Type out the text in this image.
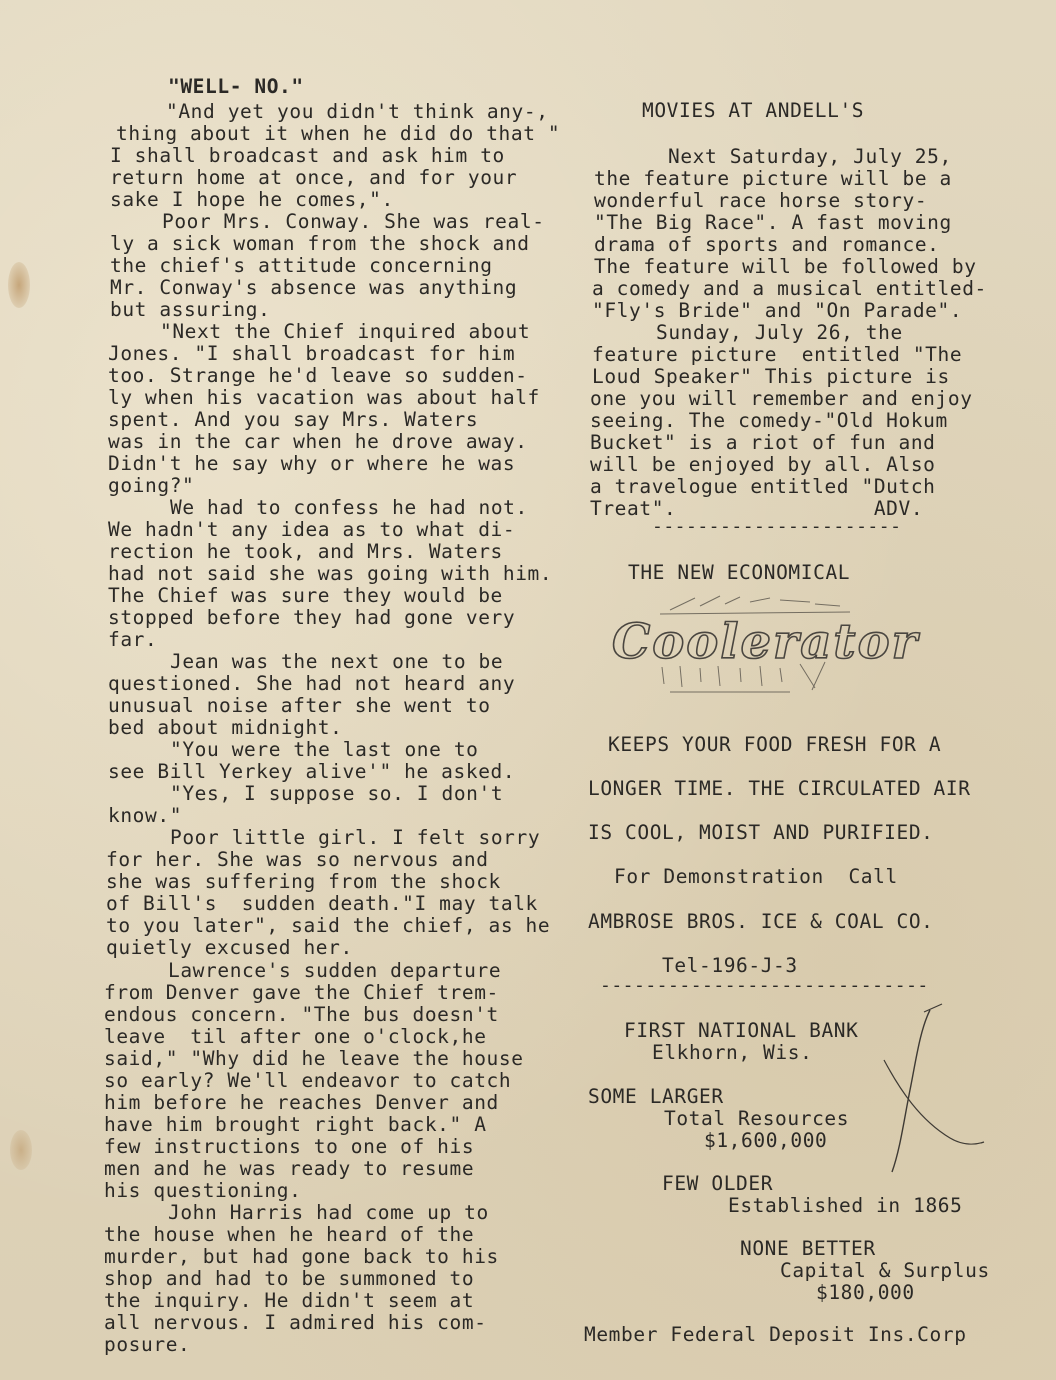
"WELL- NO."
"And yet you didn't think any-,
thing about it when he did do that "
I shall broadcast and ask him to
return home at once, and for your
sake I hope he comes,".
Poor Mrs. Conway. She was real-
ly a sick woman from the shock and
the chief's attitude concerning
Mr. Conway's absence was anything
but assuring.
"Next the Chief inquired about
Jones. "I shall broadcast for him
too. Strange he'd leave so sudden-
ly when his vacation was about half
spent. And you say Mrs. Waters
was in the car when he drove away.
Didn't he say why or where he was
going?"
We had to confess he had not.
We hadn't any idea as to what di-
rection he took, and Mrs. Waters
had not said she was going with him.
The Chief was sure they would be
stopped before they had gone very
far.
Jean was the next one to be
questioned. She had not heard any
unusual noise after she went to
bed about midnight.
"You were the last one to
see Bill Yerkey alive'" he asked.
"Yes, I suppose so. I don't
know."
Poor little girl. I felt sorry
for her. She was so nervous and
she was suffering from the shock
of Bill's  sudden death."I may talk
to you later", said the chief, as he
quietly excused her.
Lawrence's sudden departure
from Denver gave the Chief trem-
endous concern. "The bus doesn't
leave  til after one o'clock,he
said," "Why did he leave the house
so early? We'll endeavor to catch
him before he reaches Denver and
have him brought right back." A
few instructions to one of his
men and he was ready to resume
his questioning.
John Harris had come up to
the house when he heard of the
murder, but had gone back to his
shop and had to be summoned to
the inquiry. He didn't seem at
all nervous. I admired his com-
posure.
MOVIES AT ANDELL'S
Next Saturday, July 25,
the feature picture will be a
wonderful race horse story-
"The Big Race". A fast moving
drama of sports and romance.
The feature will be followed by
a comedy and a musical entitled-
"Fly's Bride" and "On Parade".
Sunday, July 26, the
feature picture  entitled "The
Loud Speaker" This picture is
one you will remember and enjoy
seeing. The comedy-"Old Hokum
Bucket" is a riot of fun and
will be enjoyed by all. Also
a travelogue entitled "Dutch
Treat".                ADV.
----------------------
THE NEW ECONOMICAL
Coolerator
KEEPS YOUR FOOD FRESH FOR A
LONGER TIME. THE CIRCULATED AIR
IS COOL, MOIST AND PURIFIED.
For Demonstration  Call
AMBROSE BROS. ICE & COAL CO.
Tel-196-J-3
-----------------------------
FIRST NATIONAL BANK
Elkhorn, Wis.
SOME LARGER
Total Resources
$1,600,000
FEW OLDER
Established in 1865
NONE BETTER
Capital & Surplus
$180,000
Member Federal Deposit Ins.Corp
